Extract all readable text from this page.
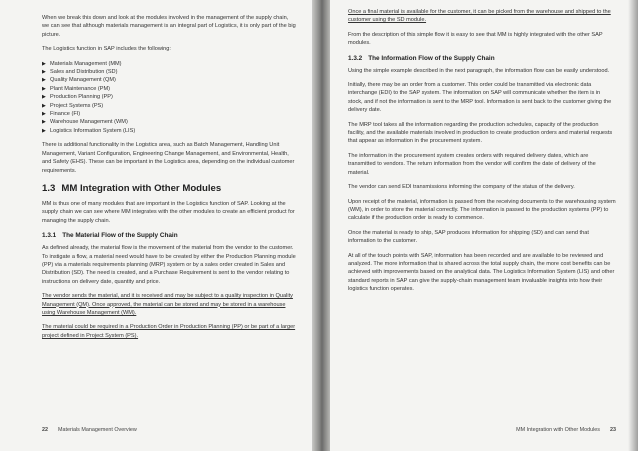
When we break this down and look at the modules involved in the management of the supply chain, we can see that although materials management is an integral part of Logistics, it is only part of the big picture.

The Logistics function in SAP includes the following:

▶ Materials Management (MM)
▶ Sales and Distribution (SD)
▶ Quality Management (QM)
▶ Plant Maintenance (PM)
▶ Production Planning (PP)
▶ Project Systems (PS)
▶ Finance (FI)
▶ Warehouse Management (WM)
▶ Logistics Information System (LIS)

There is additional functionality in the Logistics area, such as Batch Management, Handling Unit Management, Variant Configuration, Engineering Change Management, and Environmental, Health, and Safety (EHS). These can be important in the Logistics area, depending on the individual customer requirements.

1.3 MM Integration with Other Modules

MM is thus one of many modules that are important in the Logistics function of SAP. Looking at the supply chain we can see where MM integrates with the other modules to create an efficient product for managing the supply chain.

1.3.1 The Material Flow of the Supply Chain

As defined already, the material flow is the movement of the material from the vendor to the customer. To instigate a flow, a material need would have to be created by either the Production Planning module (PP) via a materials requirements planning (MRP) system or by a sales order created in Sales and Distribution (SD). The need is created, and a Purchase Requirement is sent to the vendor relating to instructions on delivery date, quantity and price.

The vendor sends the material, and it is received and may be subject to a quality inspection in Quality Management (QM). Once approved, the material can be stored and may be stored in a warehouse using Warehouse Management (WM).

The material could be required in a Production Order in Production Planning (PP) or be part of a larger project defined in Project System (PS).

22 Materials Management Overview

Once a final material is available for the customer, it can be picked from the warehouse and shipped to the customer using the SD module.

From the description of this simple flow it is easy to see that MM is highly integrated with the other SAP modules.

1.3.2 The Information Flow of the Supply Chain

Using the simple example described in the next paragraph, the information flow can be easily understood.

Initially, there may be an order from a customer. This order could be transmitted via electronic data interchange (EDI) to the SAP system. The information on SAP will communicate whether the item is in stock, and if not the information is sent to the MRP tool. Information is sent back to the customer giving the delivery date.

The MRP tool takes all the information regarding the production schedules, capacity of the production facility, and the available materials involved in production to create production orders and material requests that appear as information in the procurement system.

The information in the procurement system creates orders with required delivery dates, which are transmitted to vendors. The return information from the vendor will confirm the date of delivery of the material.

The vendor can send EDI transmissions informing the company of the status of the delivery.

Upon receipt of the material, information is passed from the receiving documents to the warehousing system (WM), in order to store the material correctly. The information is passed to the production systems (PP) to calculate if the production order is ready to commence.

Once the material is ready to ship, SAP produces information for shipping (SD) and can send that information to the customer.

At all of the touch points with SAP, information has been recorded and are available to be reviewed and analyzed. The more information that is shared across the total supply chain, the more cost benefits can be achieved with improvements based on the analytical data. The Logistics Information System (LIS) and other standard reports in SAP can give the supply-chain management team invaluable insights into how their logistics function operates.

MM Integration with Other Modules 23
